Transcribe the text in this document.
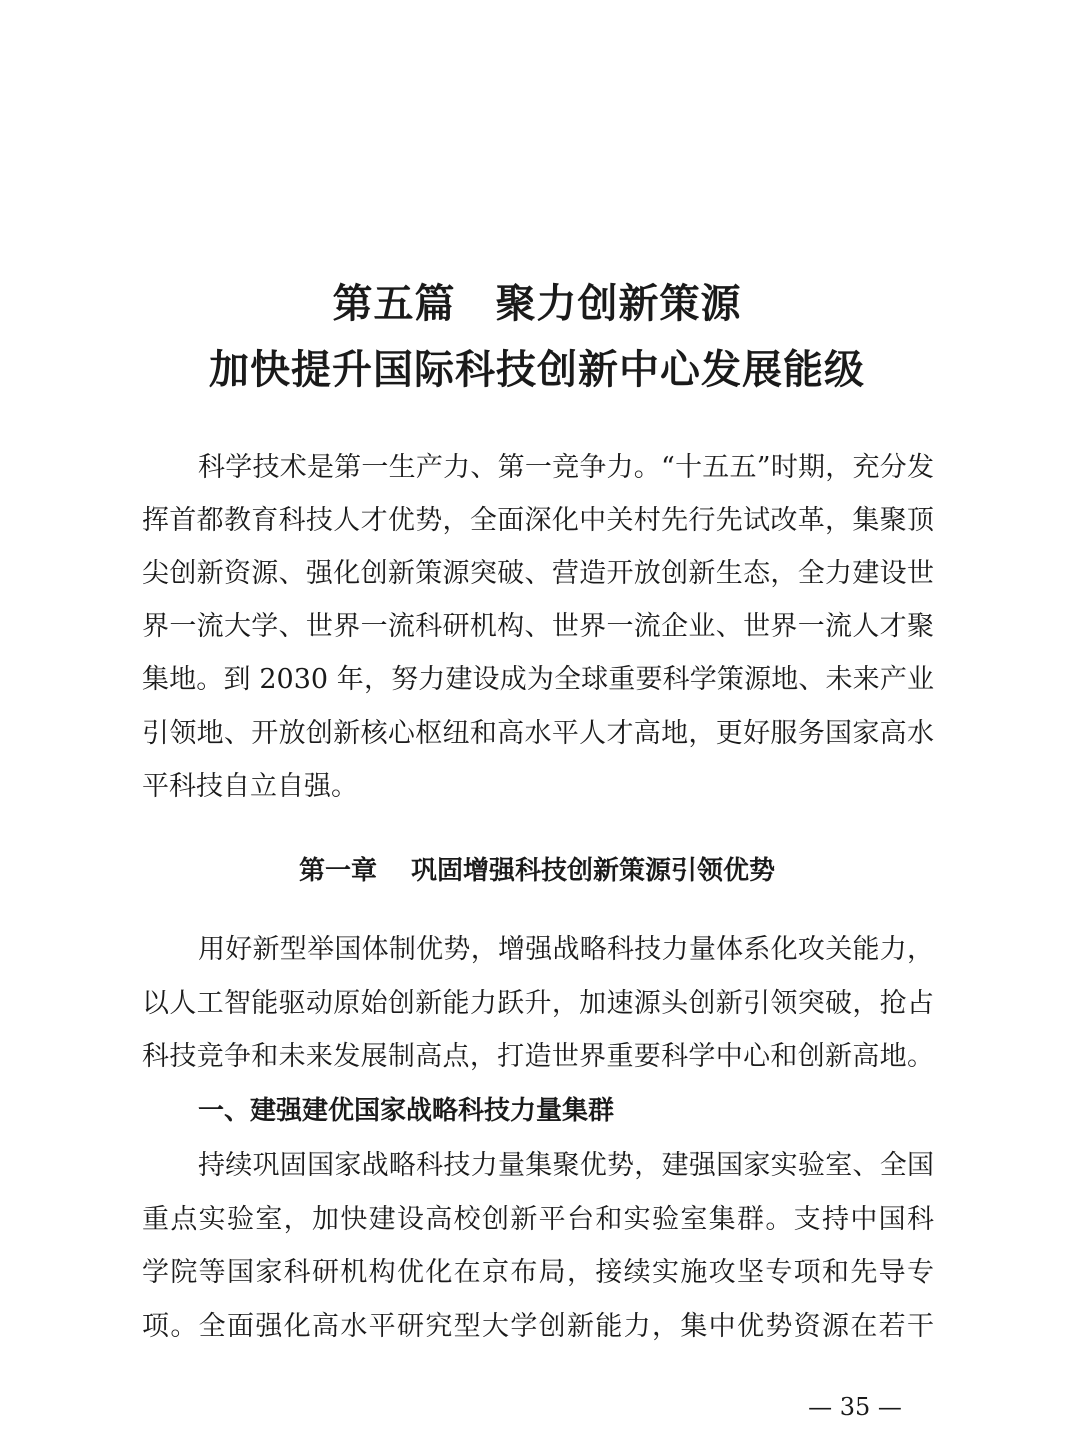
第五篇 聚力创新策源
加快提升国际科技创新中心发展能级
科学技术是第一生产力、第一竞争力。“十五五”时期，充分发
挥首都教育科技人才优势，全面深化中关村先行先试改革，集聚顶
尖创新资源、强化创新策源突破、营造开放创新生态，全力建设世
界一流大学、世界一流科研机构、世界一流企业、世界一流人才聚
集地。到 2030 年，努力建设成为全球重要科学策源地、未来产业
引领地、开放创新核心枢纽和高水平人才高地，更好服务国家高水
平科技自立自强。
第一章 巩固增强科技创新策源引领优势
用好新型举国体制优势，增强战略科技力量体系化攻关能力，
以人工智能驱动原始创新能力跃升，加速源头创新引领突破，抢占
科技竞争和未来发展制高点，打造世界重要科学中心和创新高地。
一、建强建优国家战略科技力量集群
持续巩固国家战略科技力量集聚优势，建强国家实验室、全国
重点实验室，加快建设高校创新平台和实验室集群。支持中国科
学院等国家科研机构优化在京布局，接续实施攻坚专项和先导专
项。全面强化高水平研究型大学创新能力，集中优势资源在若干
— 35 —
